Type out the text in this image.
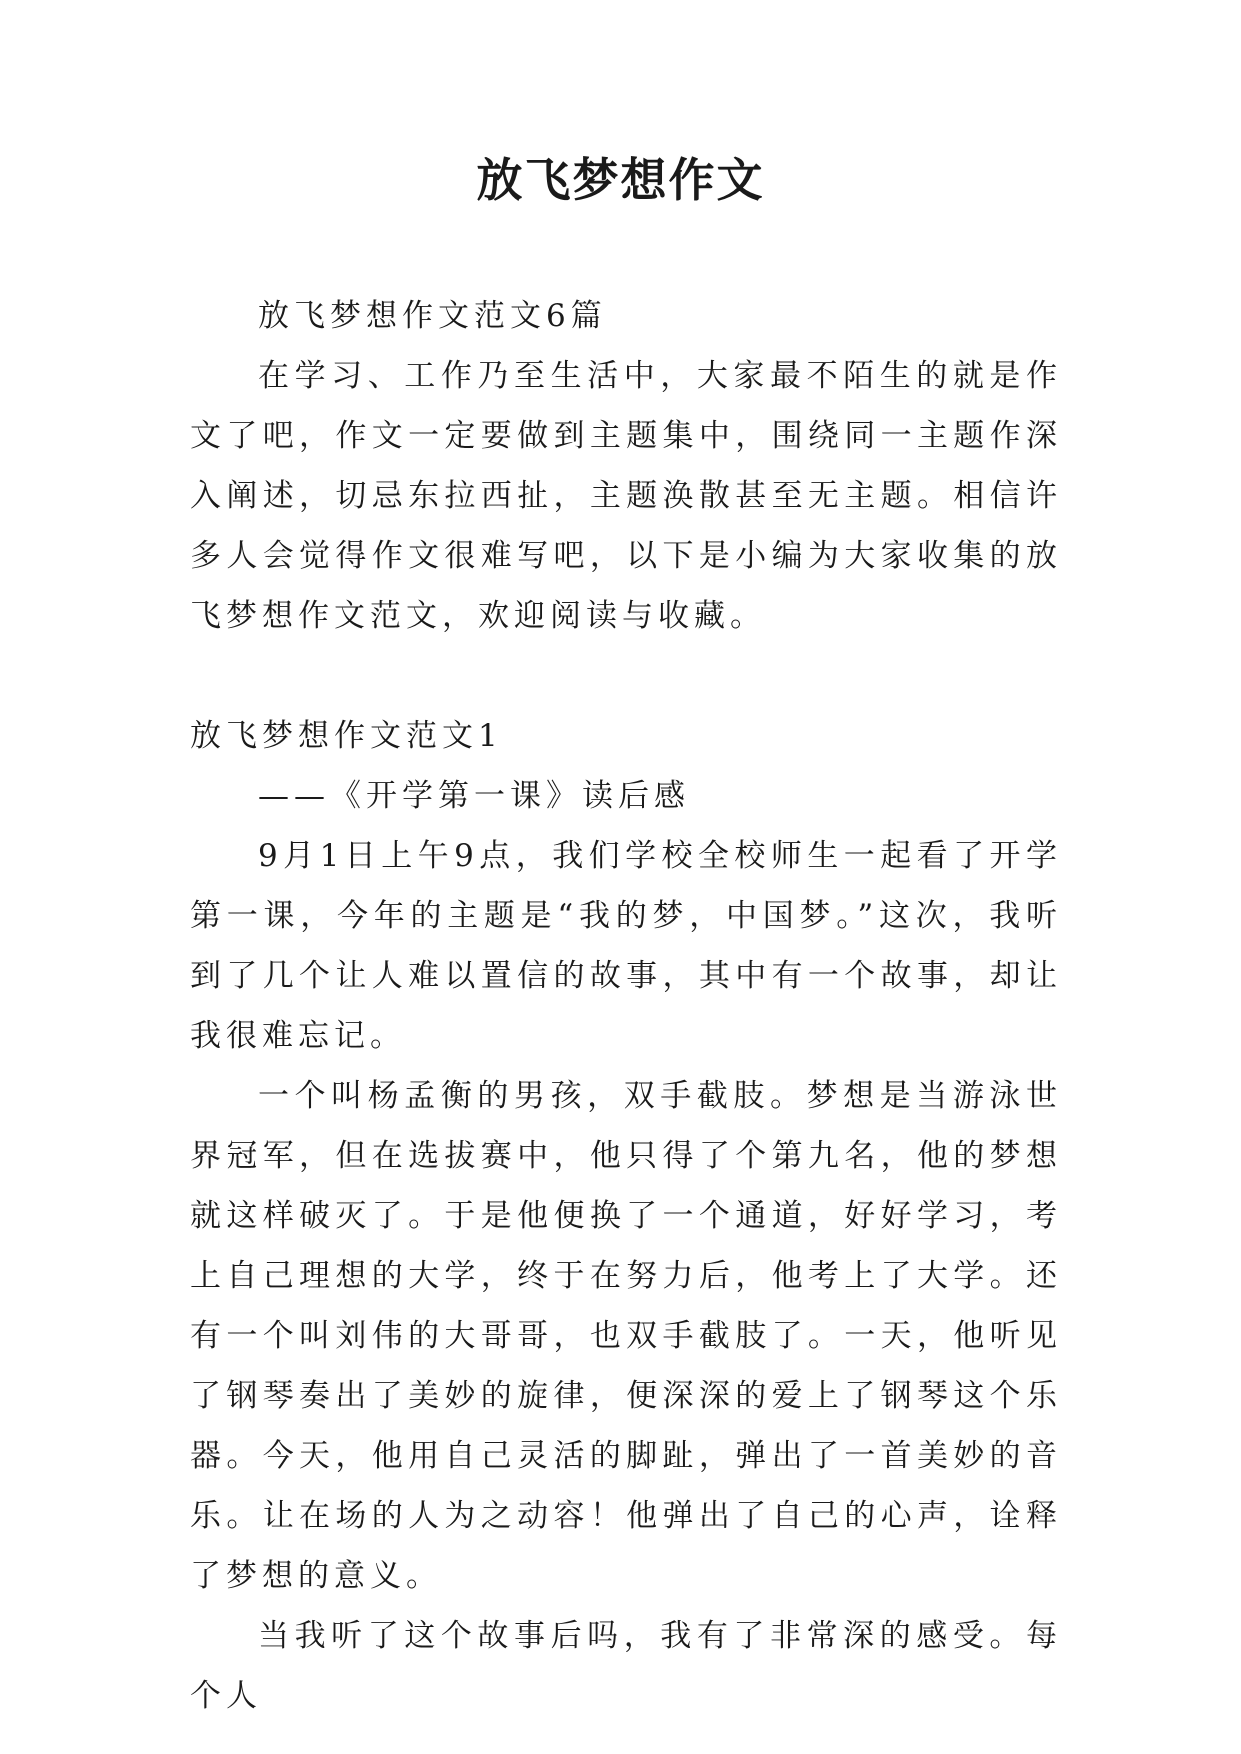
放飞梦想作文

放飞梦想作文范文6篇

在学习、工作乃至生活中，大家最不陌生的就是作文了吧，作文一定要做到主题集中，围绕同一主题作深入阐述，切忌东拉西扯，主题涣散甚至无主题。相信许多人会觉得作文很难写吧，以下是小编为大家收集的放飞梦想作文范文，欢迎阅读与收藏。

放飞梦想作文范文1

——《开学第一课》读后感

9月1日上午9点，我们学校全校师生一起看了开学第一课，今年的主题是“我的梦，中国梦。”这次，我听到了几个让人难以置信的故事，其中有一个故事，却让我很难忘记。

一个叫杨孟衡的男孩，双手截肢。梦想是当游泳世界冠军，但在选拔赛中，他只得了个第九名，他的梦想就这样破灭了。于是他便换了一个通道，好好学习，考上自己理想的大学，终于在努力后，他考上了大学。还有一个叫刘伟的大哥哥，也双手截肢了。一天，他听见了钢琴奏出了美妙的旋律，便深深的爱上了钢琴这个乐器。今天，他用自己灵活的脚趾，弹出了一首美妙的音乐。让在场的人为之动容！他弹出了自己的心声，诠释了梦想的意义。

当我听了这个故事后吗，我有了非常深的感受。每个人
